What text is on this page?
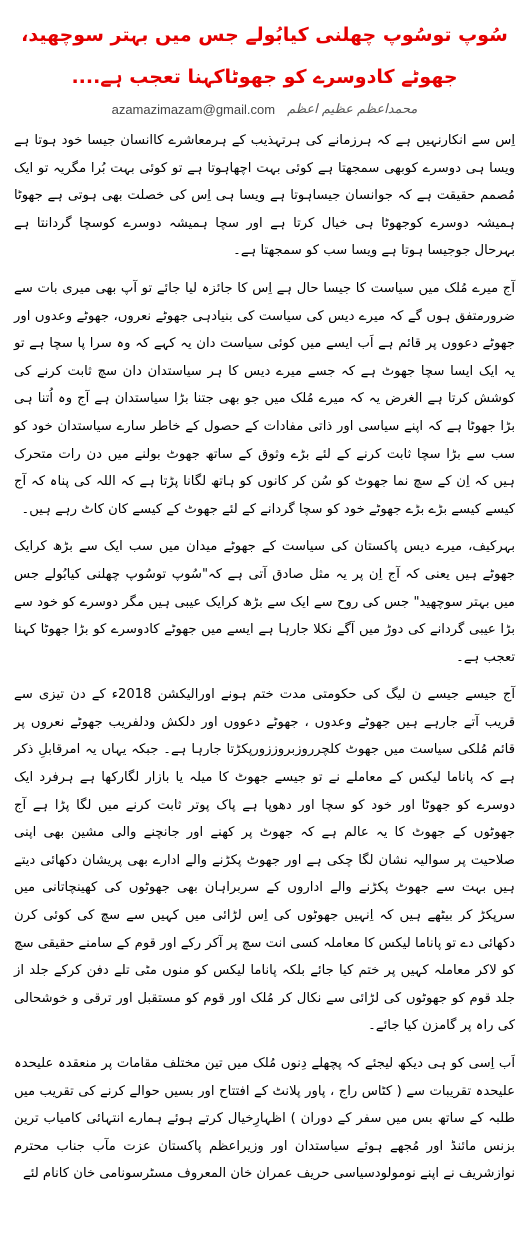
سُوپ توسُوپ چھلنی کیابُولے جس میں بہتر سوچھید، جھوٹے کادوسرے کو جھوٹاکہنا تعجب ہے....
محمداعظم عظیم اعظم
azamazimazam@gmail.com

اِس سے انکارنہیں ہے کہ ہرزمانے کی ہرتہذیب کے ہرمعاشرے کاانسان جیسا خود ہوتا ہے ویسا ہی دوسرے کوبھی سمجھتا ہے کوئی بہت اچھاہوتا ہے تو کوئی بہت بُرا مگریہ تو ایک مُصمم حقیقت ہے کہ جوانسان جیساہوتا ہے ویسا ہی اِس کی خصلت بھی ہوتی ہے جھوٹا ہمیشہ دوسرے کوجھوٹا ہی خیال کرتا ہے اور سچا ہمیشہ دوسرے کوسچا گردانتا ہے بہرحال جوجیسا ہوتا ہے ویسا سب کو سمجھتا ہے۔

آج میرے مُلک میں سیاست کا جیسا حال ہے اِس کا جائزہ لیا جائے تو آپ بھی میری بات سے ضرورمتفق ہوں گے کہ میرے دیس کی سیاست کی بنیادہی جھوٹے نعروں، جھوٹے وعدوں اور جھوٹے دعووں پر قائم ہے اَب ایسے میں کوئی سیاست دان یہ کہے کہ وہ سرا پا سچا ہے تو یہ ایک ایسا سچا جھوٹ ہے کہ جسے میرے دیس کا ہر سیاستدان دان سچ ثابت کرنے کی کوشش کرتا ہے الغرض یہ کہ میرے مُلک میں جو بھی جتنا بڑا سیاستدان ہے آج وہ اُتنا ہی بڑا جھوٹا ہے کہ اپنے سیاسی اور ذاتی مفادات کے حصول کے خاطر سارے سیاستدان خود کو سب سے بڑا سچا ثابت کرنے کے لئے بڑے وثوق کے ساتھ جھوٹ بولنے میں دن رات متحرک ہیں کہ اِن کے سچ نما جھوٹ کو سُن کر کانوں کو ہاتھ لگانا پڑتا ہے کہ اللہ کی پناہ کہ آج کیسے کیسے بڑے بڑے جھوٹے خود کو سچا گردانے کے لئے جھوٹ کے کیسے کان کاٹ رہے ہیں۔

بہرکیف، میرے دیس پاکستان کی سیاست کے جھوٹے میدان میں سب ایک سے بڑھ کرایک جھوٹے ہیں یعنی کہ آج اِن پر یہ مثل صادق آتی ہے کہ"سُوپ توسُوپ چھلنی کیابُولے جس میں بہتر سوچھید" جس کی روح سے ایک سے بڑھ کرایک عیبی ہیں مگر دوسرے کو خود سے بڑا عیبی گردانے کی دوڑ میں آگے نکلا جارہا ہے ایسے میں جھوٹے کادوسرے کو بڑا جھوٹا کہنا تعجب ہے۔

آج جیسے جیسے ن لیگ کی حکومتی مدت ختم ہونے اورالیکشن 2018ء کے دن تیزی سے قریب آتے جارہے ہیں جھوٹے وعدوں ، جھوٹے دعووں اور دلکش ودلفریب جھوٹے نعروں پر قائم مُلکی سیاست میں جھوٹ کلچرروزبروززورپکڑتا جارہا ہے۔ جبکہ یہاں یہ امرقابلِ ذکر ہے کہ پاناما لیکس کے معاملے نے تو جیسے جھوٹ کا میلہ یا بازار لگارکھا ہے ہرفرد ایک دوسرے کو جھوٹا اور خود کو سچا اور دھوپا ہے پاک پوتر ثابت کرنے میں لگا پڑا ہے آج جھوٹوں کے جھوٹ کا یہ عالم ہے کہ جھوٹ پر کھنے اور جانچنے والی مشین بھی اپنی صلاحیت پر سوالیہ نشان لگا چکی ہے اور جھوٹ پکڑنے والے ادارے بھی پریشان دکھائی دیتے ہیں بہت سے جھوٹ پکڑنے والے اداروں کے سربراہان بھی جھوٹوں کی کھینچاتانی میں سرپکڑ کر بیٹھے ہیں کہ اِنہیں جھوٹوں کی اِس لڑائی میں کہیں سے سچ کی کوئی کرن دکھائی دے تو پاناما لیکس کا معاملہ کسی انت سچ پر آکر رکے اور قوم کے سامنے حقیقی سچ کو لاکر معاملہ کہیں پر ختم کیا جائے بلکہ پاناما لیکس کو منوں مٹی تلے دفن کرکے جلد از جلد قوم کو جھوٹوں کی لڑائی سے نکال کر مُلک اور قوم کو مستقبل اور ترقی و خوشحالی کی راہ پر گامزن کیا جائے۔

اَب اِسی کو ہی دیکھ لیجئے کہ پچھلے دِنوں مُلک میں تین مختلف مقامات پر منعقدہ علیحدہ علیحدہ تقریبات سے ( کٹاس راج ، پاور پلانٹ کے افتتاح اور بسیں حوالے کرنے کی تقریب میں طلبہ کے ساتھ بس میں سفر کے دوران ) اظہارِخیال کرتے ہوئے ہمارے انتہائی کامیاب ترین بزنس مائنڈ اور مُجھے ہوئے سیاستدان اور وزیراعظم پاکستان عزت مآب جناب محترم نوازشریف نے اپنے نومولودسیاسی حریف عمران خان المعروف مسٹرسونامی خان کانام لئے
